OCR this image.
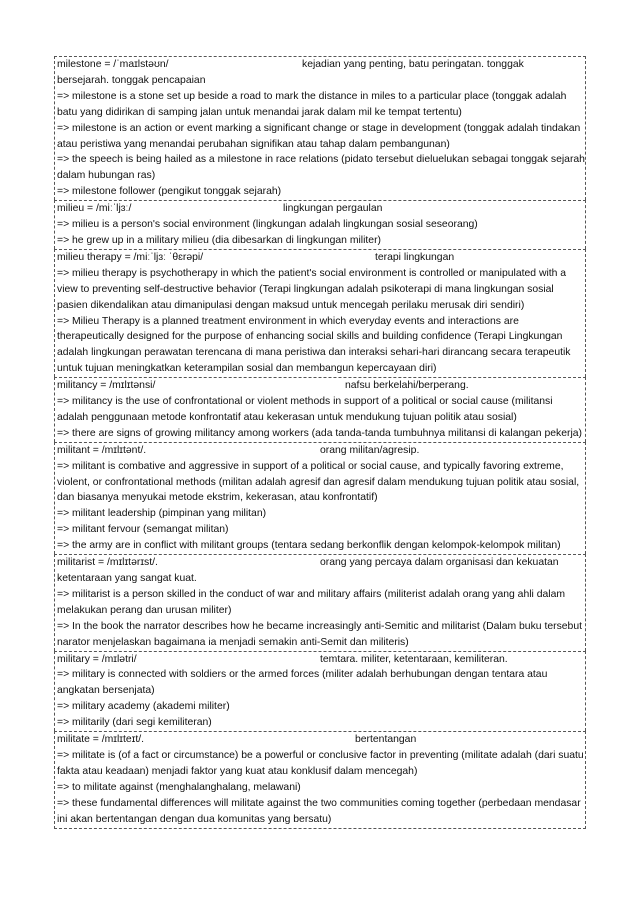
milestone = /ˈmaɪlstəʊn/	kejadian yang penting, batu peringatan. tonggak
bersejarah. tonggak pencapaian
=> milestone is a stone set up beside a road to mark the distance in miles to a particular place (tonggak adalah batu yang didirikan di samping jalan untuk menandai jarak dalam mil ke tempat tertentu)
=> milestone is an action or event marking a significant change or stage in development (tonggak adalah tindakan atau peristiwa yang menandai perubahan signifikan atau tahap dalam pembangunan)
=> the speech is being hailed as a milestone in race relations (pidato tersebut dieluelukan sebagai tonggak sejarah dalam hubungan ras)
=> milestone follower (pengikut tonggak sejarah)
milieu = /miːˈljɜː/	lingkungan pergaulan
=> milieu is a person's social environment (lingkungan adalah lingkungan sosial seseorang)
=> he grew up in a military milieu (dia dibesarkan di lingkungan militer)
milieu therapy = /miːˈljɜː ˈθɛrəpi/	terapi lingkungan
=> milieu therapy is psychotherapy in which the patient's social environment is controlled or manipulated with a view to preventing self-destructive behavior (Terapi lingkungan adalah psikoterapi di mana lingkungan sosial pasien dikendalikan atau dimanipulasi dengan maksud untuk mencegah perilaku merusak diri sendiri)
=> Milieu Therapy is a planned treatment environment in which everyday events and interactions are therapeutically designed for the purpose of enhancing social skills and building confidence (Terapi Lingkungan adalah lingkungan perawatan terencana di mana peristiwa dan interaksi sehari-hari dirancang secara terapeutik untuk tujuan meningkatkan keterampilan sosial dan membangun kepercayaan diri)
militancy = /mɪlɪtənsi/	nafsu berkelahi/berperang.
=> militancy is the use of confrontational or violent methods in support of a political or social cause (militansi adalah penggunaan metode konfrontatif atau kekerasan untuk mendukung tujuan politik atau sosial)
=> there are signs of growing militancy among workers (ada tanda-tanda tumbuhnya militansi di kalangan pekerja)
militant = /mɪlɪtənt/.	orang militan/agresip.
=> militant is combative and aggressive in support of a political or social cause, and typically favoring extreme, violent, or confrontational methods (militan adalah agresif dan agresif dalam mendukung tujuan politik atau sosial, dan biasanya menyukai metode ekstrim, kekerasan, atau konfrontatif)
=> militant leadership (pimpinan yang militan)
=> militant fervour (semangat militan)
=> the army are in conflict with militant groups (tentara sedang berkonflik dengan kelompok-kelompok militan)
militarist = /mɪlɪtərɪst/.	orang yang percaya dalam organisasi dan kekuatan
ketentaraan yang sangat kuat.
=> militarist is a person skilled in the conduct of war and military affairs (militerist adalah orang yang ahli dalam melakukan perang dan urusan militer)
=> In the book the narrator describes how he became increasingly anti-Semitic and militarist (Dalam buku tersebut narator menjelaskan bagaimana ia menjadi semakin anti-Semit dan militeris)
military = /mɪlətri/	temtara. militer, ketentaraan, kemiliteran.
=> military is connected with soldiers or the armed forces (militer adalah berhubungan dengan tentara atau angkatan bersenjata)
=> military academy (akademi militer)
=> militarily (dari segi kemiliteran)
militate = /mɪlɪteɪt/.	bertentangan
=> militate is (of a fact or circumstance) be a powerful or conclusive factor in preventing (militate adalah (dari suatu fakta atau keadaan) menjadi faktor yang kuat atau konklusif dalam mencegah)
=> to militate against (menghalanghalang, melawani)
=> these fundamental differences will militate against the two communities coming together (perbedaan mendasar ini akan bertentangan dengan dua komunitas yang bersatu)
